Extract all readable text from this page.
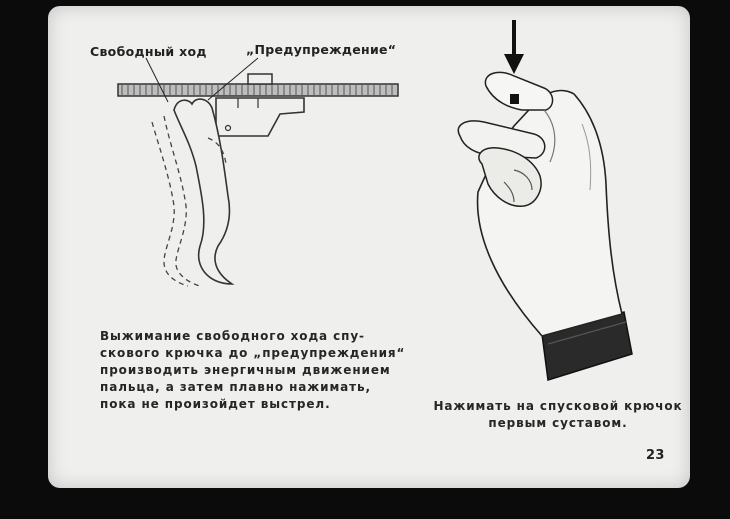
Свободный ход	„Предупреждение“
Выжимание свободного хода спу-
скового крючка до „предупреждения“
производить энергичным движением
пальца, а затем плавно нажимать,
пока не произойдет выстрел.	Нажимать на спусковой крючок
первым суставом.
23
